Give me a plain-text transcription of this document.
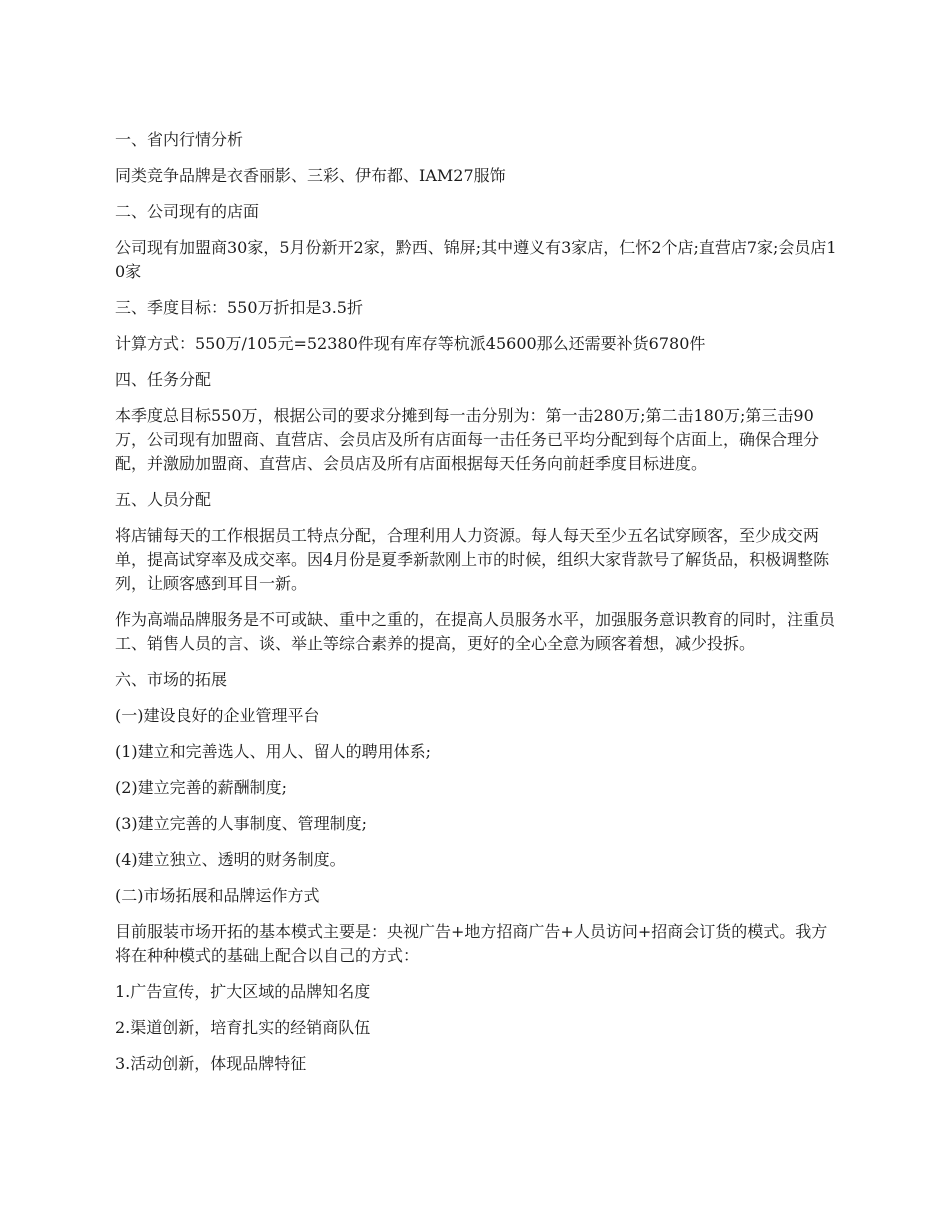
一、省内行情分析

同类竞争品牌是衣香丽影、三彩、伊布都、IAM27服饰

二、公司现有的店面

公司现有加盟商30家，5月份新开2家，黔西、锦屏;其中遵义有3家店，仁怀2个店;直营店7家;会员店10家

三、季度目标：550万折扣是3.5折

计算方式：550万/105元=52380件现有库存等杭派45600那么还需要补货6780件

四、任务分配

本季度总目标550万，根据公司的要求分摊到每一击分别为：第一击280万;第二击180万;第三击90万，公司现有加盟商、直营店、会员店及所有店面每一击任务已平均分配到每个店面上，确保合理分配，并激励加盟商、直营店、会员店及所有店面根据每天任务向前赶季度目标进度。

五、人员分配

将店铺每天的工作根据员工特点分配，合理利用人力资源。每人每天至少五名试穿顾客，至少成交两单，提高试穿率及成交率。因4月份是夏季新款刚上市的时候，组织大家背款号了解货品，积极调整陈列，让顾客感到耳目一新。

作为高端品牌服务是不可或缺、重中之重的，在提高人员服务水平，加强服务意识教育的同时，注重员工、销售人员的言、谈、举止等综合素养的提高，更好的全心全意为顾客着想，减少投拆。

六、市场的拓展

(一)建设良好的企业管理平台

(1)建立和完善选人、用人、留人的聘用体系;

(2)建立完善的薪酬制度;

(3)建立完善的人事制度、管理制度;

(4)建立独立、透明的财务制度。

(二)市场拓展和品牌运作方式

目前服装市场开拓的基本模式主要是：央视广告+地方招商广告+人员访问+招商会订货的模式。我方将在种种模式的基础上配合以自己的方式：

1.广告宣传，扩大区域的品牌知名度

2.渠道创新，培育扎实的经销商队伍

3.活动创新，体现品牌特征
